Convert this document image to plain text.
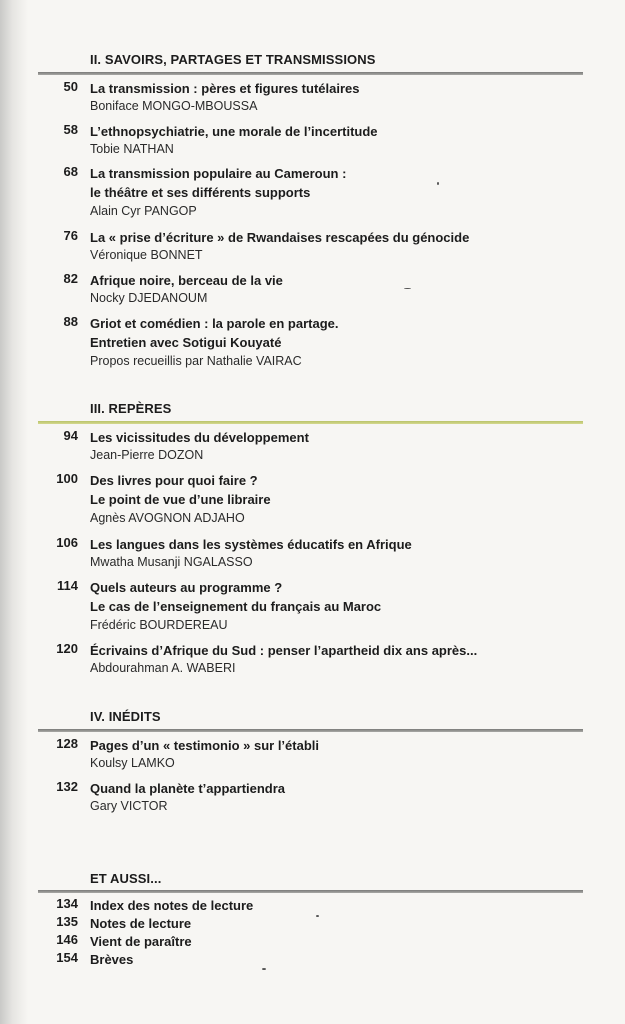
II. SAVOIRS, PARTAGES ET TRANSMISSIONS
50 La transmission : pères et figures tutélaires
Boniface MONGO-MBOUSSA
58 L’ethnopsychiatrie, une morale de l’incertitude
Tobie NATHAN
68 La transmission populaire au Cameroun :
le théâtre et ses différents supports
Alain Cyr PANGOP
76 La « prise d’écriture » de Rwandaises rescapées du génocide
Véronique BONNET
82 Afrique noire, berceau de la vie
Nocky DJEDANOUM
88 Griot et comédien : la parole en partage.
Entretien avec Sotigui Kouyaté
Propos recueillis par Nathalie VAIRAC
III. REPÈRES
94 Les vicissitudes du développement
Jean-Pierre DOZON
100 Des livres pour quoi faire ?
Le point de vue d’une libraire
Agnès AVOGNON ADJAHO
106 Les langues dans les systèmes éducatifs en Afrique
Mwatha Musanji NGALASSO
114 Quels auteurs au programme ?
Le cas de l’enseignement du français au Maroc
Frédéric BOURDEREAU
120 Écrivains d’Afrique du Sud : penser l’apartheid dix ans après...
Abdourahman A. WABERI
IV. INÉDITS
128 Pages d’un « testimonio » sur l’établi
Koulsy LAMKO
132 Quand la planète t’appartiendra
Gary VICTOR
ET AUSSI...
134 Index des notes de lecture
135 Notes de lecture
146 Vient de paraître
154 Brèves
